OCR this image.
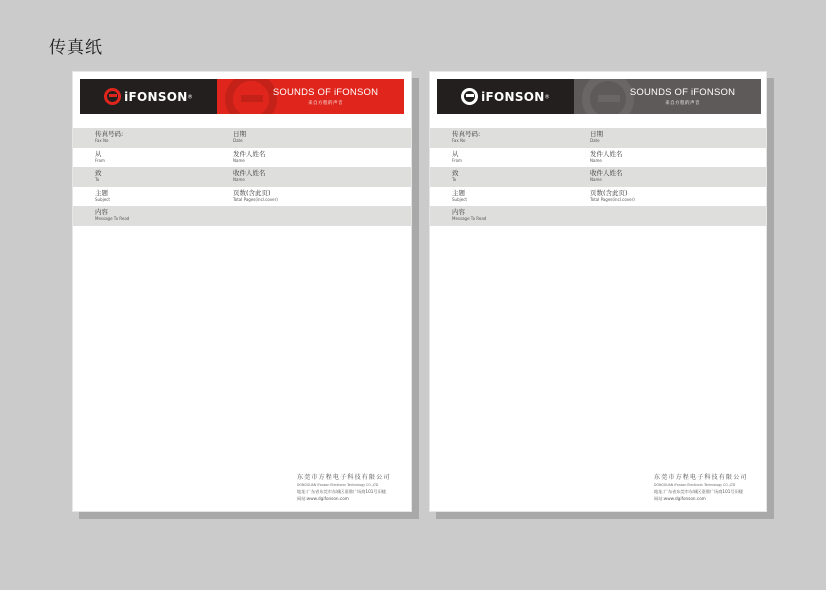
传真纸
iFONSON®	SOUNDS OF iFONSON
来自方程的声音
传真号码:
Fax No
日期
Date
从
From
发件人姓名
Name
致
To
收件人姓名
Name
主题
Subject
页数(含此页)
Total Pages(incl.cover)
内容
Message To Read
东莞市方程电子科技有限公司
DONGGUAN iFonson Electronic Technology CO.,LTD
地址:广东省东莞市东城区嘉鼎广场商101号旧楼
网站:www.dgifonson.com
iFONSON®	SOUNDS OF iFONSON
来自方程的声音
传真号码:
Fax No
日期
Date
从
From
发件人姓名
Name
致
To
收件人姓名
Name
主题
Subject
页数(含此页)
Total Pages(incl.cover)
内容
Message To Read
东莞市方程电子科技有限公司
DONGGUAN iFonson Electronic Technology CO.,LTD
地址:广东省东莞市东城区嘉鼎广场商101号旧楼
网站:www.dgifonson.com
